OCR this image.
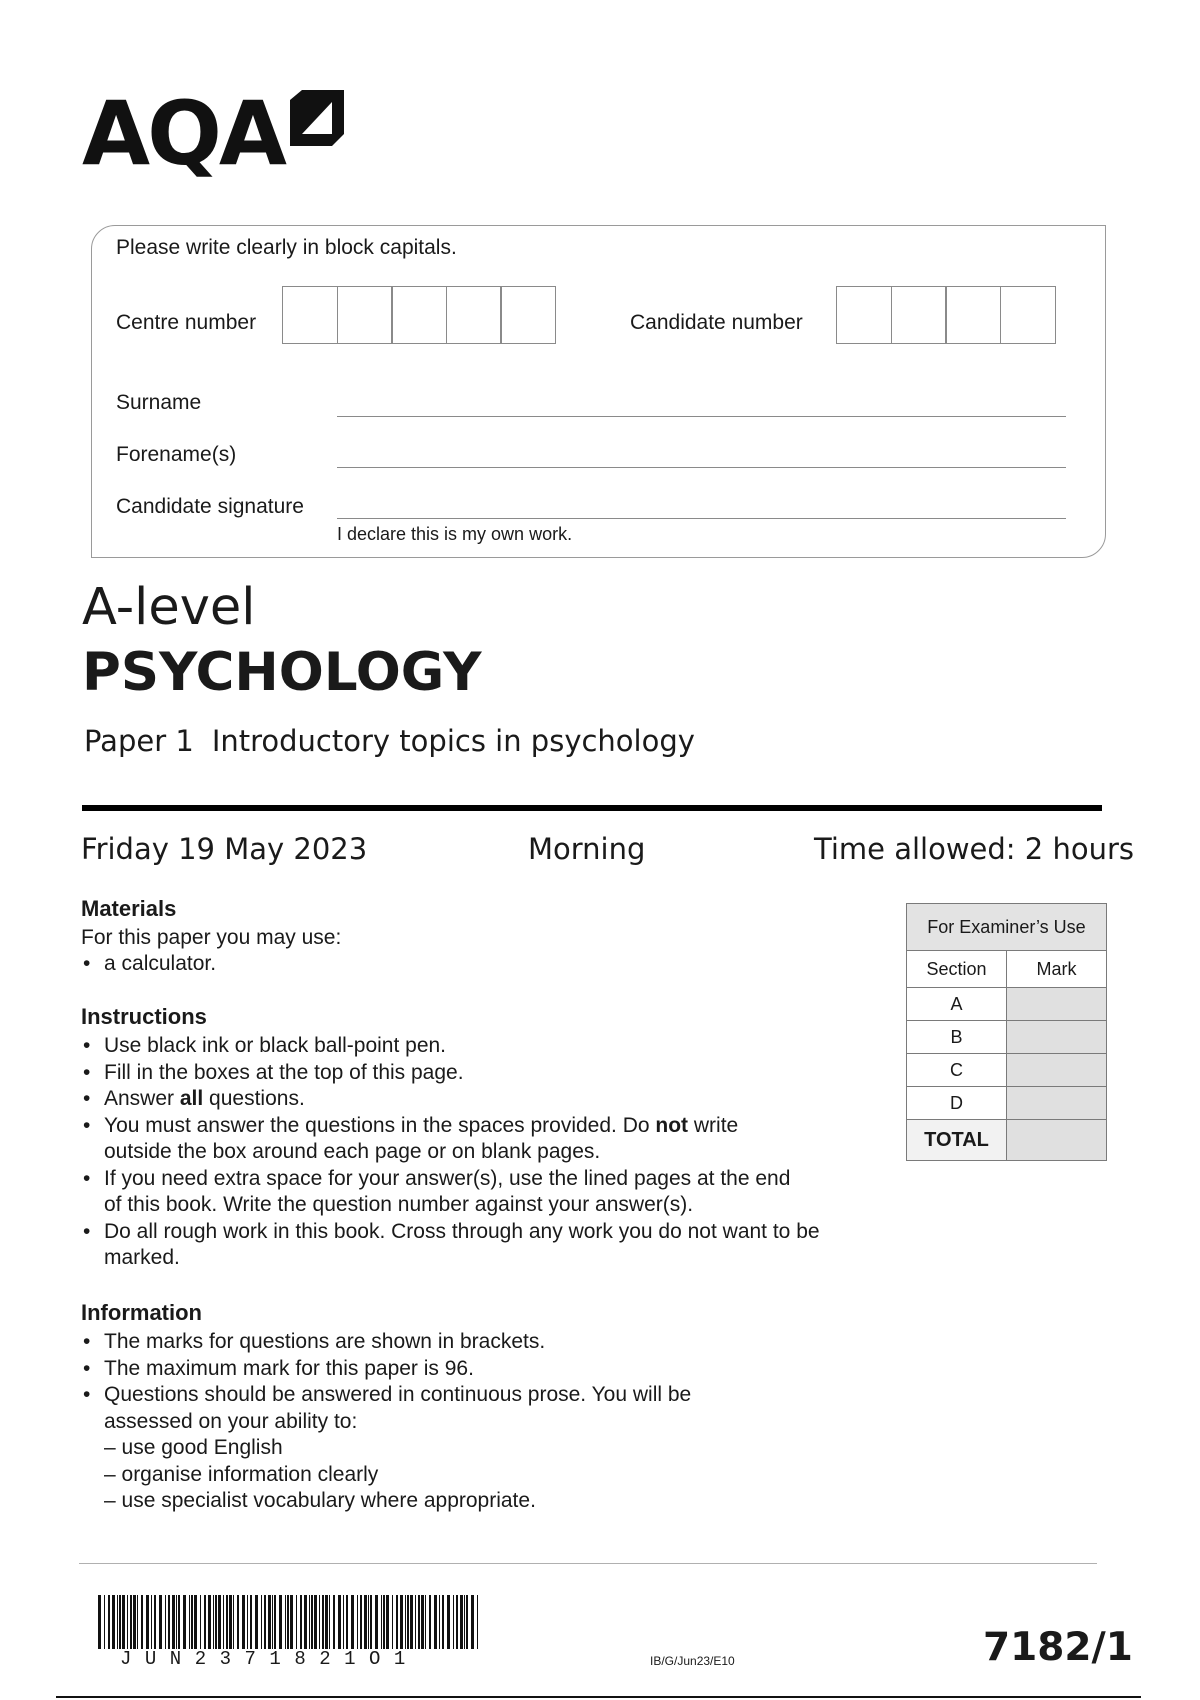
AQA
Please write clearly in block capitals.
Centre number	Candidate number
Surname
Forename(s)
Candidate signature
I declare this is my own work.
A-level
PSYCHOLOGY
Paper 1 Introductory topics in psychology
Friday 19 May 2023	Morning	Time allowed: 2 hours
Materials

For this paper you may use:

• a calculator.
Instructions
• Use black ink or black ball-point pen.
• Fill in the boxes at the top of this page.
• Answer all questions.
• You must answer the questions in the spaces provided. Do not write outside the box around each page or on blank pages.
• If you need extra space for your answer(s), use the lined pages at the end of this book. Write the question number against your answer(s).
• Do all rough work in this book. Cross through any work you do not want to be marked.
Information
• The marks for questions are shown in brackets.
• The maximum mark for this paper is 96.
• Questions should be answered in continuous prose. You will be assessed on your ability to:
– use good English
– organise information clearly
– use specialist vocabulary where appropriate.
For Examiner’s Use	
Section	Mark
A	
B	
C	
D	
TOTAL	
JUN2371821O1	IB/G/Jun23/E10	7182/1
